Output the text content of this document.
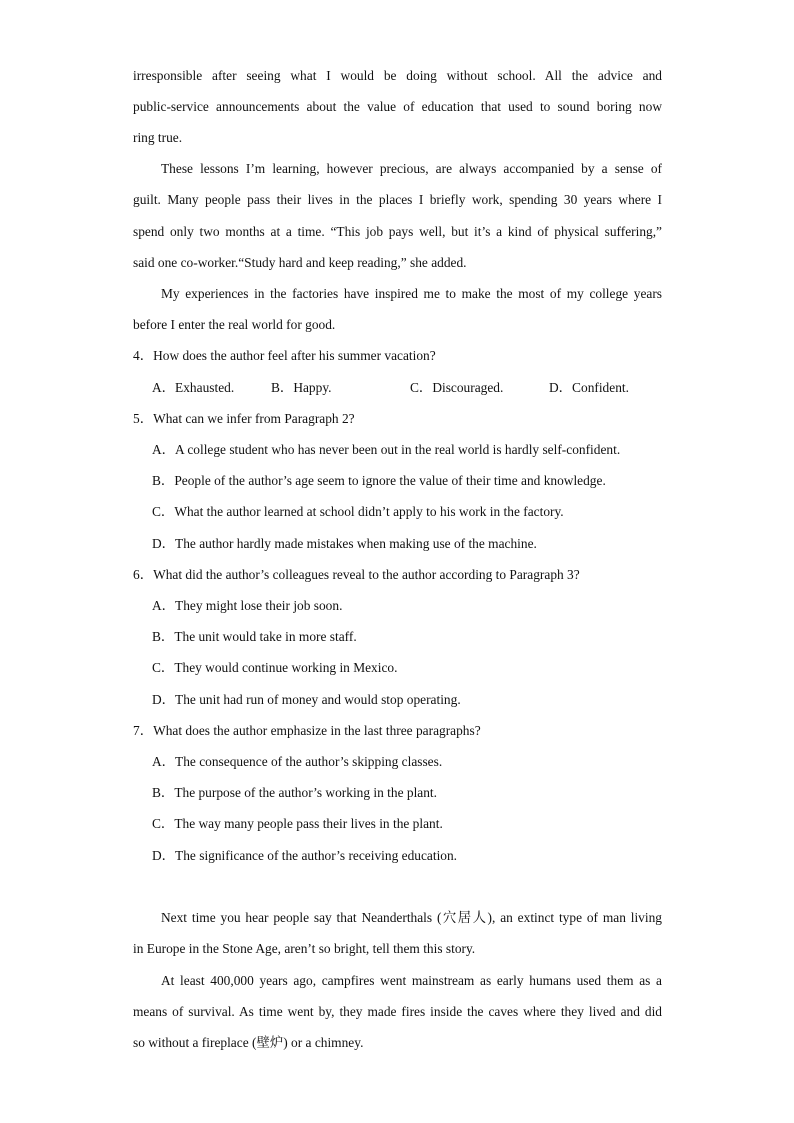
irresponsible after seeing what I would be doing without school. All the advice and
public-service announcements about the value of education that used to sound boring now
ring true.
These lessons I’m learning, however precious, are always accompanied by a sense of
guilt. Many people pass their lives in the places I briefly work, spending 30 years where I
spend only two months at a time. “This job pays well, but it’s a kind of physical suffering,”
said one co-worker.“Study hard and keep reading,” she added.
My experiences in the factories have inspired me to make the most of my college years
before I enter the real world for good.
4．How does the author feel after his summer vacation?
A．Exhausted.	B．Happy.	C．Discouraged.	D．Confident.
5．What can we infer from Paragraph 2?
A．A college student who has never been out in the real world is hardly self-confident.
B．People of the author’s age seem to ignore the value of their time and knowledge.
C．What the author learned at school didn’t apply to his work in the factory.
D．The author hardly made mistakes when making use of the machine.
6．What did the author’s colleagues reveal to the author according to Paragraph 3?
A．They might lose their job soon.
B．The unit would take in more staff.
C．They would continue working in Mexico.
D．The unit had run of money and would stop operating.
7．What does the author emphasize in the last three paragraphs?
A．The consequence of the author’s skipping classes.
B．The purpose of the author’s working in the plant.
C．The way many people pass their lives in the plant.
D．The significance of the author’s receiving education.
Next time you hear people say that Neanderthals (穴居人), an extinct type of man living
in Europe in the Stone Age, aren’t so bright, tell them this story.
At least 400,000 years ago, campfires went mainstream as early humans used them as a
means of survival. As time went by, they made fires inside the caves where they lived and did
so without a fireplace (壁炉) or a chimney.
